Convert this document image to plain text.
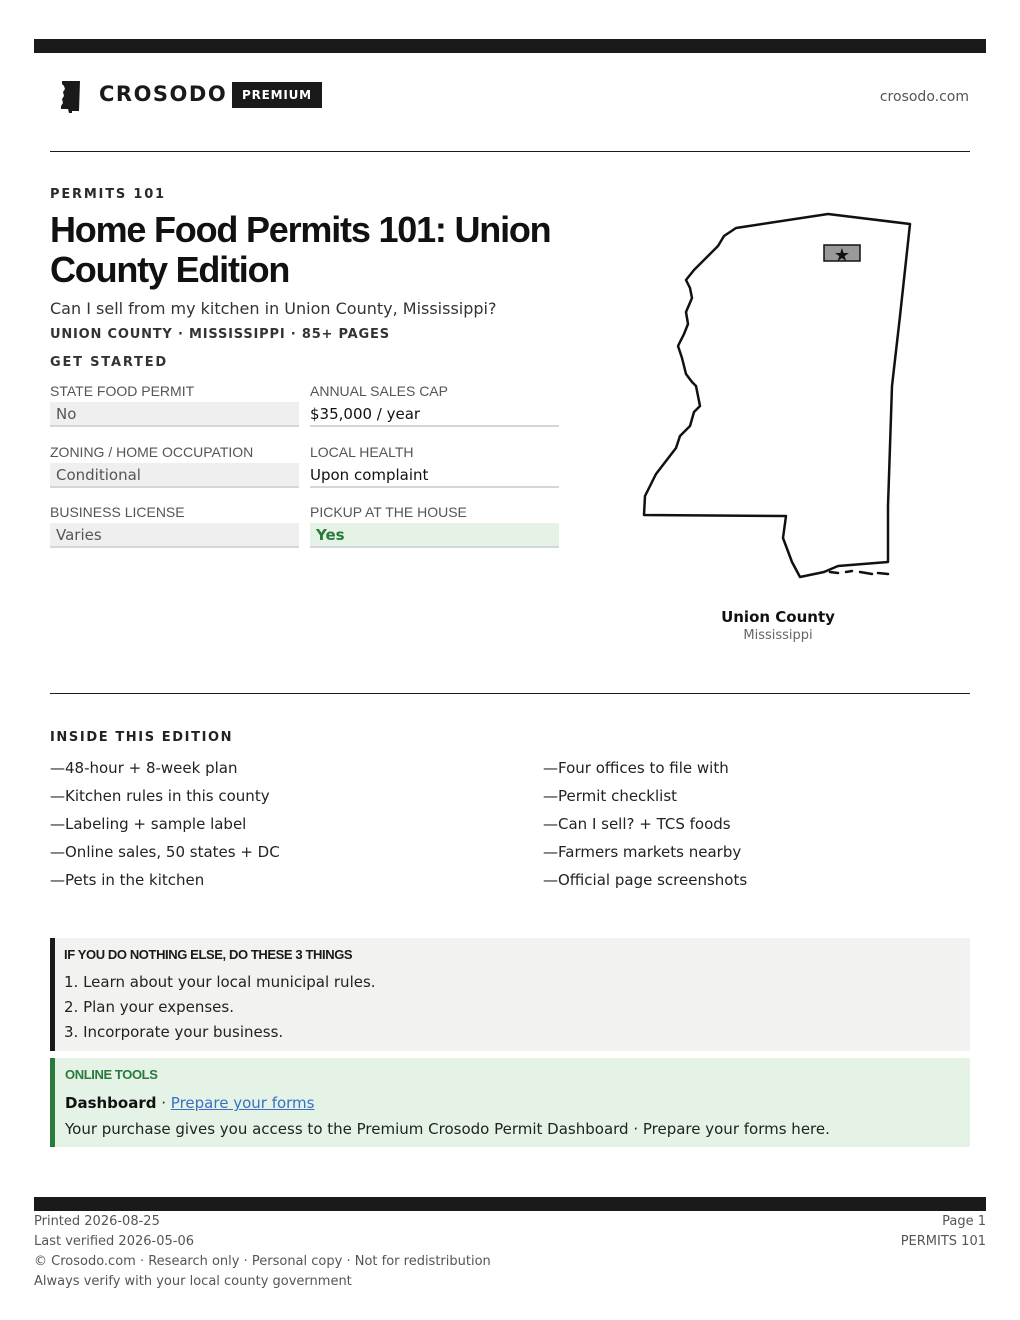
CROSODO	PREMIUM	crosodo.com
PERMITS 101
Home Food Permits 101: Union County Edition

Can I sell from my kitchen in Union County, Mississippi?

UNION COUNTY · MISSISSIPPI · 85+ PAGES
GET STARTED
STATE FOOD PERMIT
No
ANNUAL SALES CAP
$35,000 / year
ZONING / HOME OCCUPATION
Conditional
LOCAL HEALTH
Upon complaint
BUSINESS LICENSE
Varies
PICKUP AT THE HOUSE
Yes
★
Union County
Mississippi
INSIDE THIS EDITION
—48-hour + 8-week plan
—Kitchen rules in this county
—Labeling + sample label
—Online sales, 50 states + DC
—Pets in the kitchen
—Four offices to file with
—Permit checklist
—Can I sell? + TCS foods
—Farmers markets nearby
—Official page screenshots
IF YOU DO NOTHING ELSE, DO THESE 3 THINGS
1. Learn about your local municipal rules.
2. Plan your expenses.
3. Incorporate your business.
ONLINE TOOLS
Dashboard · Prepare your forms
Your purchase gives you access to the Premium Crosodo Permit Dashboard · Prepare your forms here.
Printed 2026-08-25
Last verified 2026-05-06
© Crosodo.com · Research only · Personal copy · Not for redistribution
Always verify with your local county government
Page 1
PERMITS 101
